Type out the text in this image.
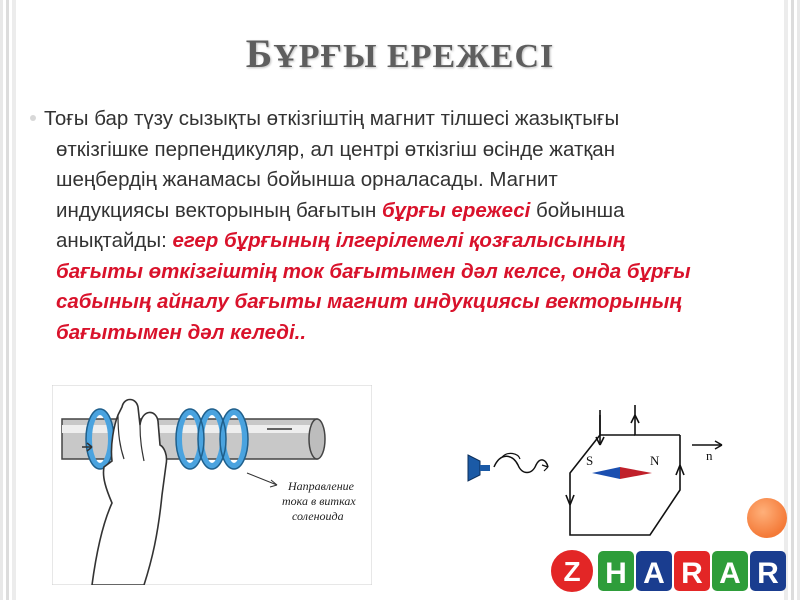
БҰРҒЫ ЕРЕЖЕСІ

Тоғы бар түзу сызықты өткізгіштің магнит тілшесі жазықтығы
өткізгішке перпендикуляр, ал центрі өткізгіш өсінде жатқан
шеңбердің жанамасы бойынша орналасады. Магнит
индукциясы векторының бағытын бұрғы ережесі бойынша
анықтайды: егер бұрғының ілгерілемелі қозғалысының
бағыты өткізгіштің ток бағытымен дәл келсе, онда бұрғы
сабының айналу бағыты магнит индукциясы векторының
бағытымен дәл келеді..

Направление
тока в витках
соленоида
S	N	n
Z H A R A R
ZHARAR
